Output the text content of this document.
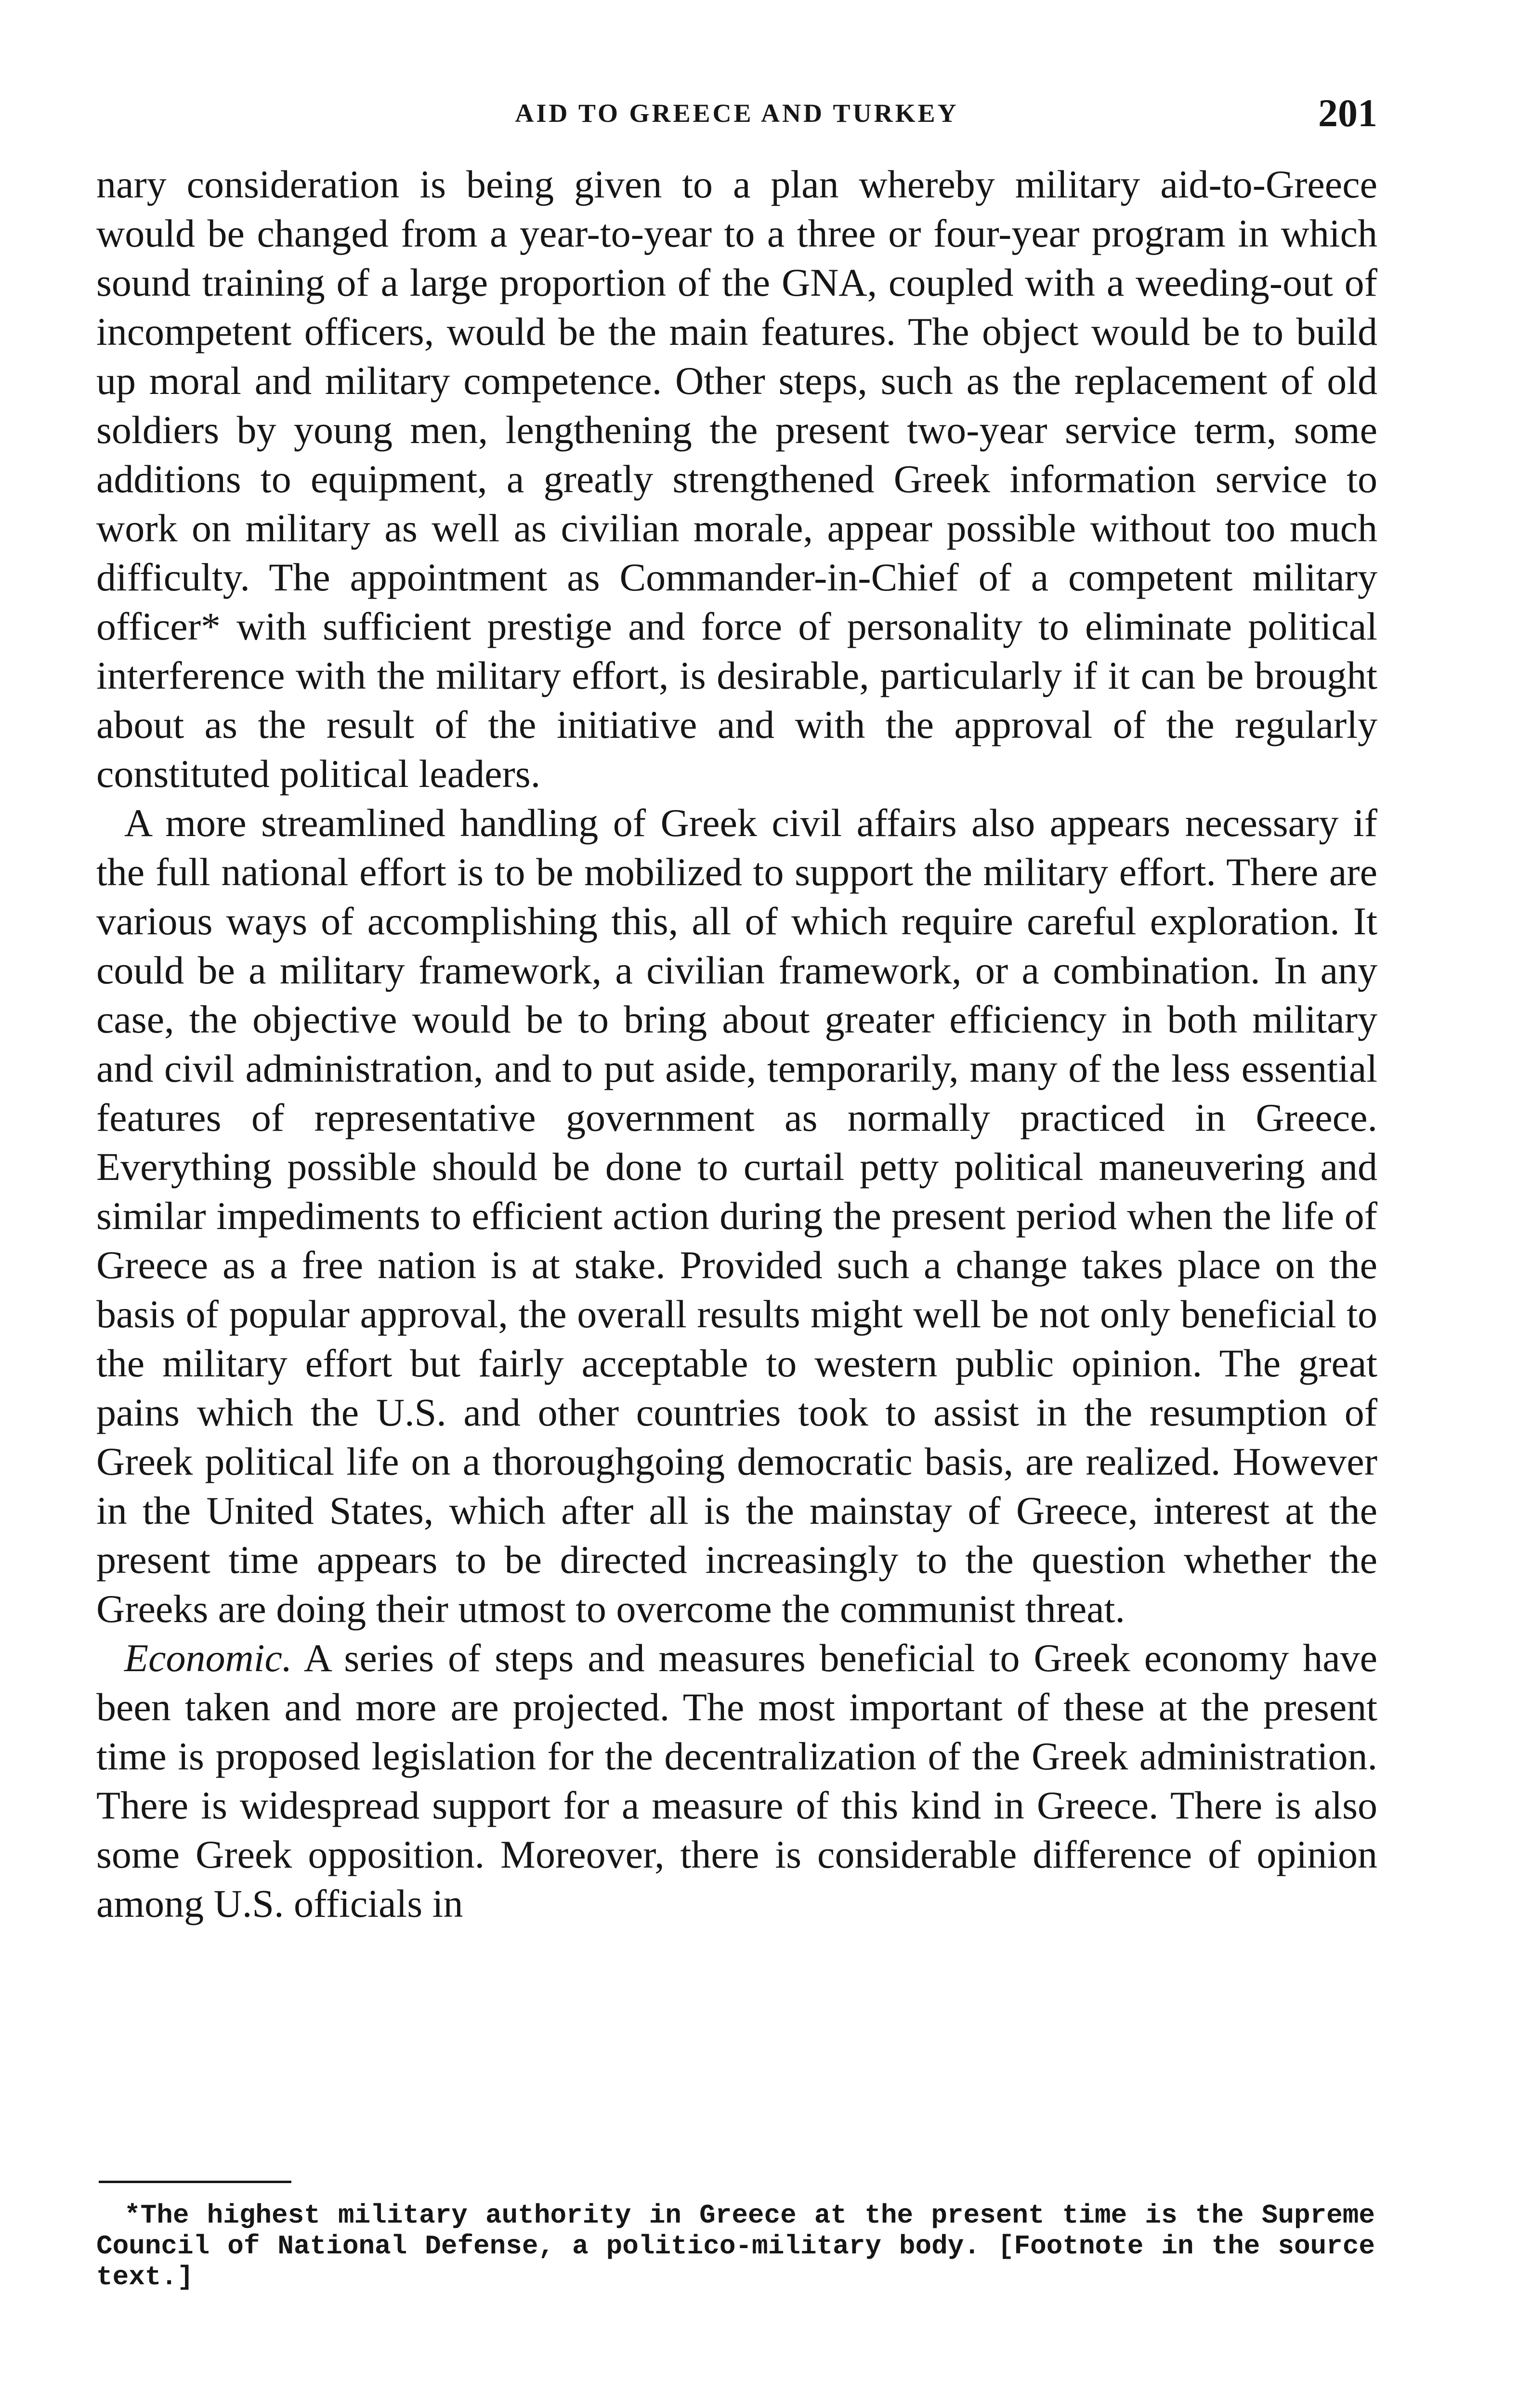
AID TO GREECE AND TURKEY	201

nary consideration is being given to a plan whereby military aid-to-Greece would be changed from a year-to-year to a three or four-year program in which sound training of a large proportion of the GNA, coupled with a weeding-out of incompetent officers, would be the main features. The object would be to build up moral and military competence. Other steps, such as the replacement of old soldiers by young men, lengthening the present two-year service term, some additions to equipment, a greatly strengthened Greek information service to work on military as well as civilian morale, appear possible without too much difficulty. The appointment as Commander-in-Chief of a competent military officer* with sufficient prestige and force of personality to eliminate political interference with the military effort, is desirable, particularly if it can be brought about as the result of the initiative and with the approval of the regularly constituted political leaders.

A more streamlined handling of Greek civil affairs also appears necessary if the full national effort is to be mobilized to support the military effort. There are various ways of accomplishing this, all of which require careful exploration. It could be a military framework, a civilian framework, or a combination. In any case, the objective would be to bring about greater efficiency in both military and civil administration, and to put aside, temporarily, many of the less essential features of representative government as normally practiced in Greece. Everything possible should be done to curtail petty political maneuvering and similar impediments to efficient action during the present period when the life of Greece as a free nation is at stake. Provided such a change takes place on the basis of popular approval, the overall results might well be not only beneficial to the military effort but fairly acceptable to western public opinion. The great pains which the U.S. and other countries took to assist in the resumption of Greek political life on a thoroughgoing democratic basis, are realized. However in the United States, which after all is the mainstay of Greece, interest at the present time appears to be directed increasingly to the question whether the Greeks are doing their utmost to overcome the communist threat.

Economic. A series of steps and measures beneficial to Greek economy have been taken and more are projected. The most important of these at the present time is proposed legislation for the decentralization of the Greek administration. There is widespread support for a measure of this kind in Greece. There is also some Greek opposition. Moreover, there is considerable difference of opinion among U.S. officials in

*The highest military authority in Greece at the present time is the Supreme Council of National Defense, a politico-military body. [Footnote in the source text.]
